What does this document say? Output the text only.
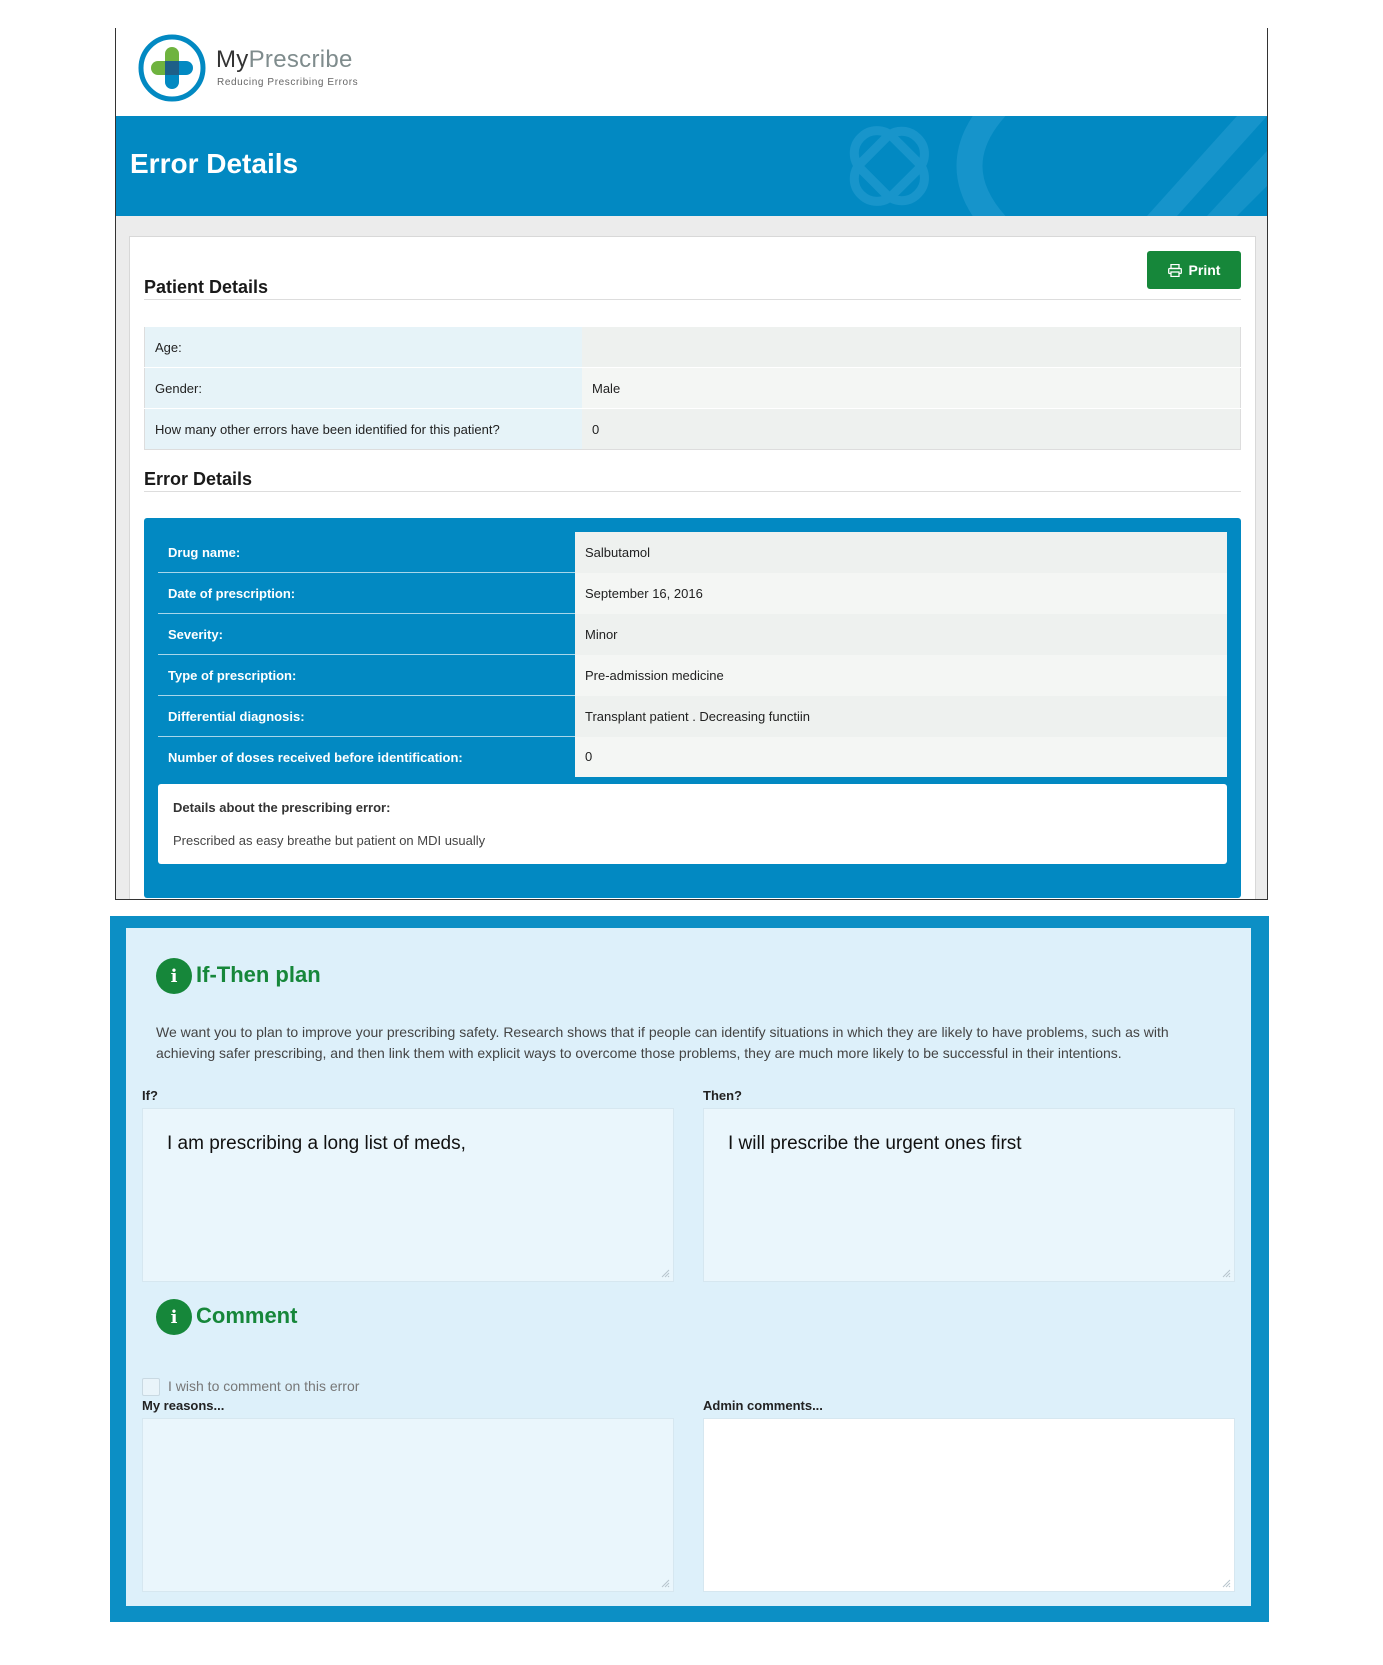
MyPrescribe
Reducing Prescribing Errors
Error Details
Print
Patient Details
Age:	
Gender:	Male
How many other errors have been identified for this patient?	0
Error Details
Drug name:	Salbutamol
Date of prescription:	September 16, 2016
Severity:	Minor
Type of prescription:	Pre-admission medicine
Differential diagnosis:	Transplant patient . Decreasing functiin
Number of doses received before identification:	0
Details about the prescribing error:
Prescribed as easy breathe but patient on MDI usually
i If-Then plan
We want you to plan to improve your prescribing safety. Research shows that if people can identify situations in which they are likely to have problems, such as with achieving safer prescribing, and then link them with explicit ways to overcome those problems, they are much more likely to be successful in their intentions.
If?	Then?
I am prescribing a long list of meds,	I will prescribe the urgent ones first
i Comment
I wish to comment on this error
My reasons...	Admin comments...
